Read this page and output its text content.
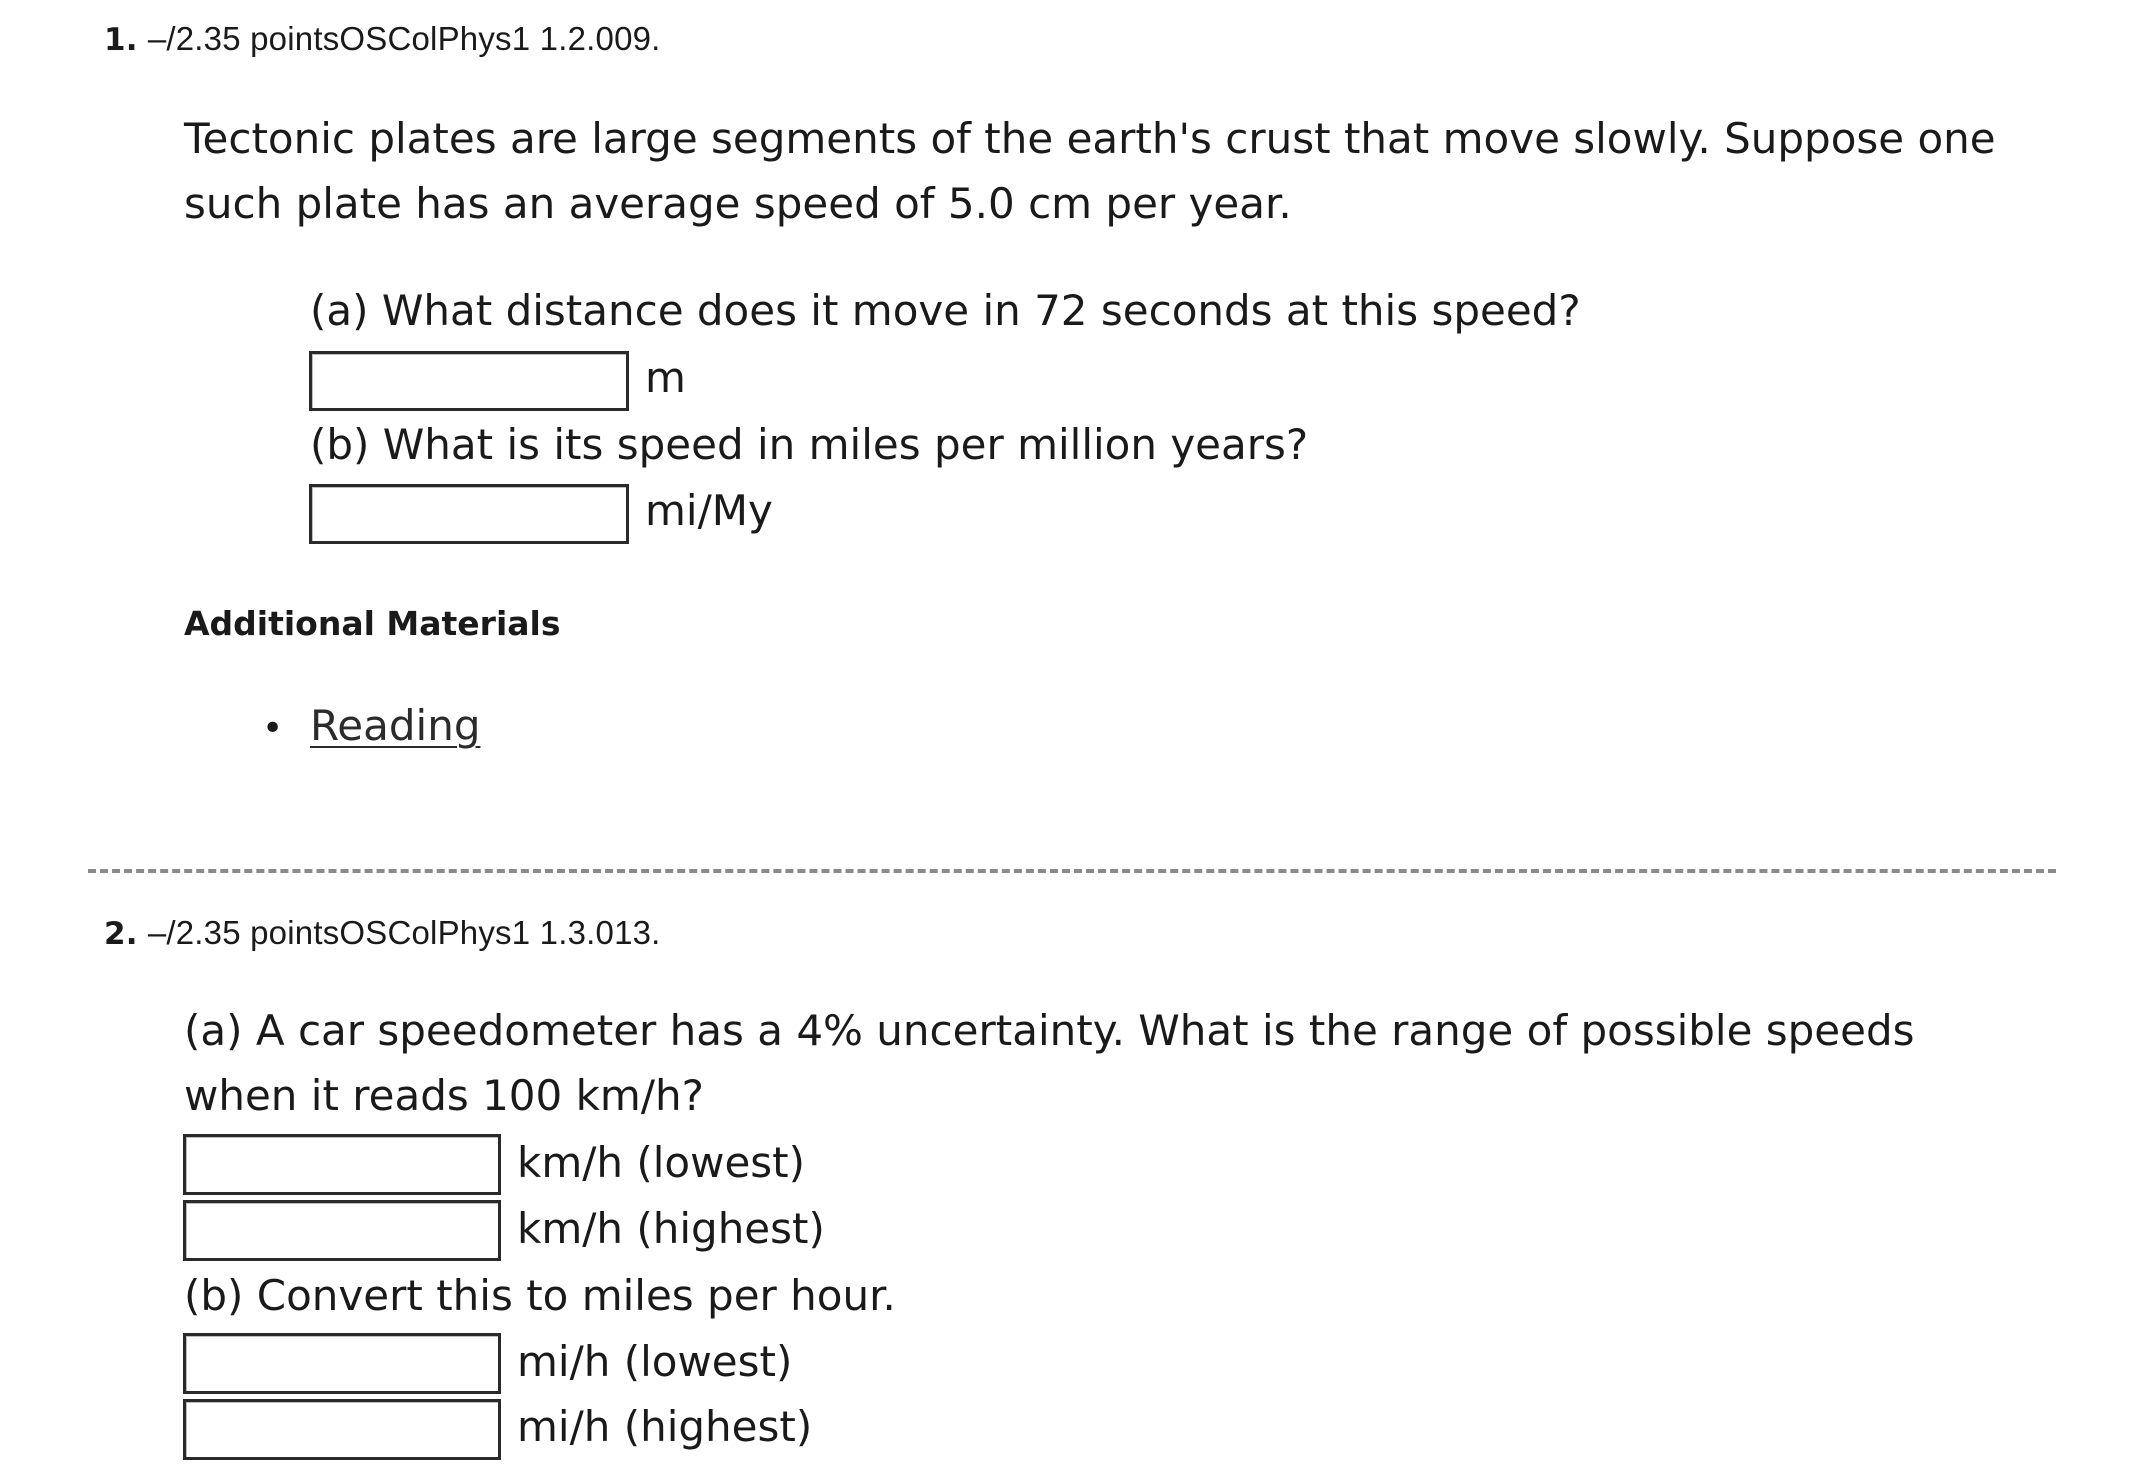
1. –/2.35 pointsOSColPhys1 1.2.009.
Tectonic plates are large segments of the earth's crust that move slowly. Suppose one such plate has an average speed of 5.0 cm per year.
(a) What distance does it move in 72 seconds at this speed?
m
(b) What is its speed in miles per million years?
mi/My
Additional Materials
• Reading
2. –/2.35 pointsOSColPhys1 1.3.013.
(a) A car speedometer has a 4% uncertainty. What is the range of possible speeds when it reads 100 km/h?
km/h (lowest)
km/h (highest)
(b) Convert this to miles per hour.
mi/h (lowest)
mi/h (highest)
